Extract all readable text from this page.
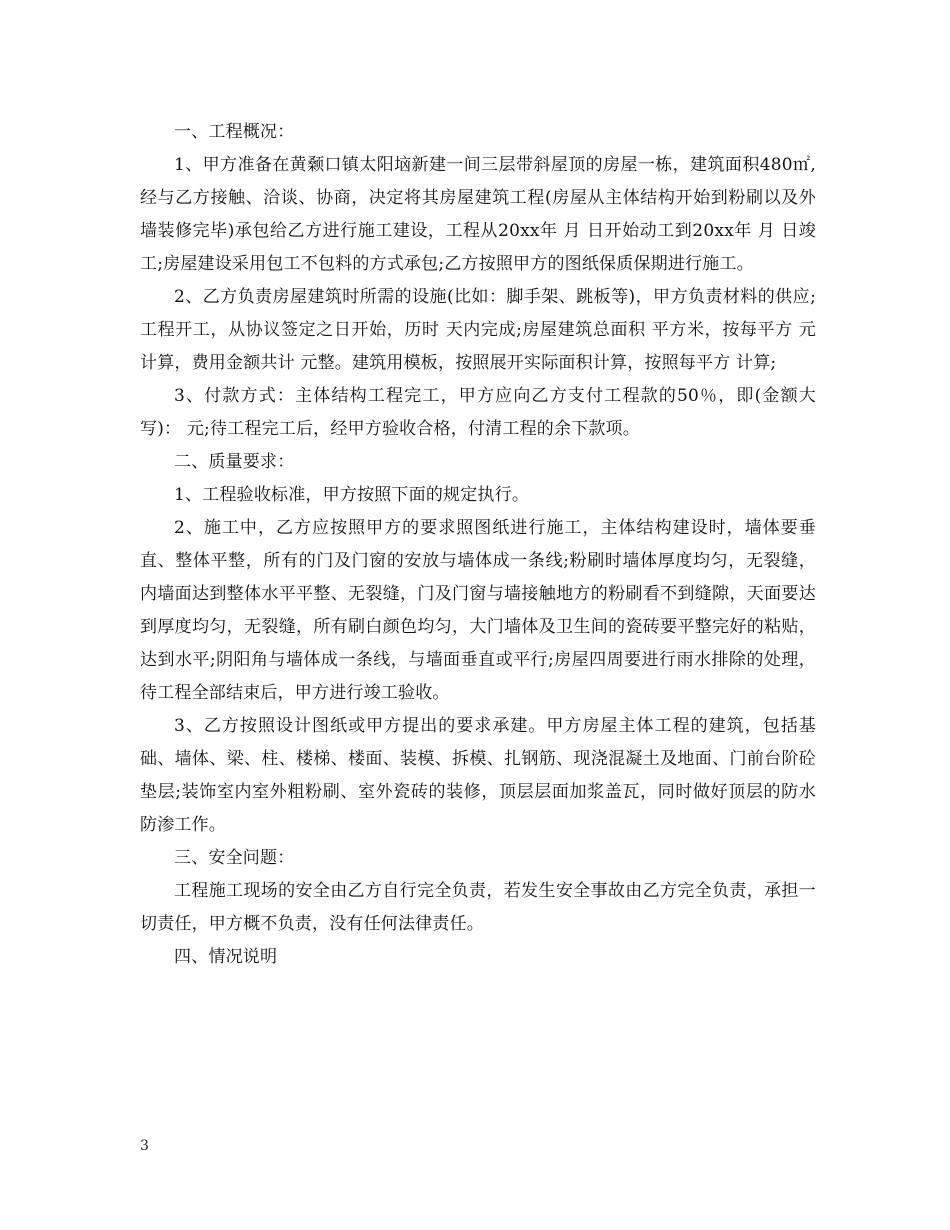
一、工程概况：

1、甲方准备在黄颡口镇太阳垴新建一间三层带斜屋顶的房屋一栋，建筑面积480㎡,经与乙方接触、洽谈、协商，决定将其房屋建筑工程(房屋从主体结构开始到粉刷以及外墙装修完毕)承包给乙方进行施工建设，工程从20xx年 月 日开始动工到20xx年 月 日竣工;房屋建设采用包工不包料的方式承包;乙方按照甲方的图纸保质保期进行施工。

2、乙方负责房屋建筑时所需的设施(比如：脚手架、跳板等)，甲方负责材料的供应;工程开工，从协议签定之日开始，历时 天内完成;房屋建筑总面积 平方米，按每平方 元计算，费用金额共计 元整。建筑用模板，按照展开实际面积计算，按照每平方 计算;

3、付款方式：主体结构工程完工，甲方应向乙方支付工程款的50％，即(金额大写)： 元;待工程完工后，经甲方验收合格，付清工程的余下款项。

二、质量要求：

1、工程验收标准，甲方按照下面的规定执行。

2、施工中，乙方应按照甲方的要求照图纸进行施工，主体结构建设时，墙体要垂直、整体平整，所有的门及门窗的安放与墙体成一条线;粉刷时墙体厚度均匀，无裂缝，内墙面达到整体水平平整、无裂缝，门及门窗与墙接触地方的粉刷看不到缝隙，天面要达到厚度均匀，无裂缝，所有刷白颜色均匀，大门墙体及卫生间的瓷砖要平整完好的粘贴，达到水平;阴阳角与墙体成一条线，与墙面垂直或平行;房屋四周要进行雨水排除的处理，待工程全部结束后，甲方进行竣工验收。

3、乙方按照设计图纸或甲方提出的要求承建。甲方房屋主体工程的建筑，包括基础、墙体、梁、柱、楼梯、楼面、装模、拆模、扎钢筋、现浇混凝土及地面、门前台阶砼垫层;装饰室内室外粗粉刷、室外瓷砖的装修，顶层层面加浆盖瓦，同时做好顶层的防水防渗工作。

三、安全问题：

工程施工现场的安全由乙方自行完全负责，若发生安全事故由乙方完全负责，承担一切责任，甲方概不负责，没有任何法律责任。

四、情况说明

3
